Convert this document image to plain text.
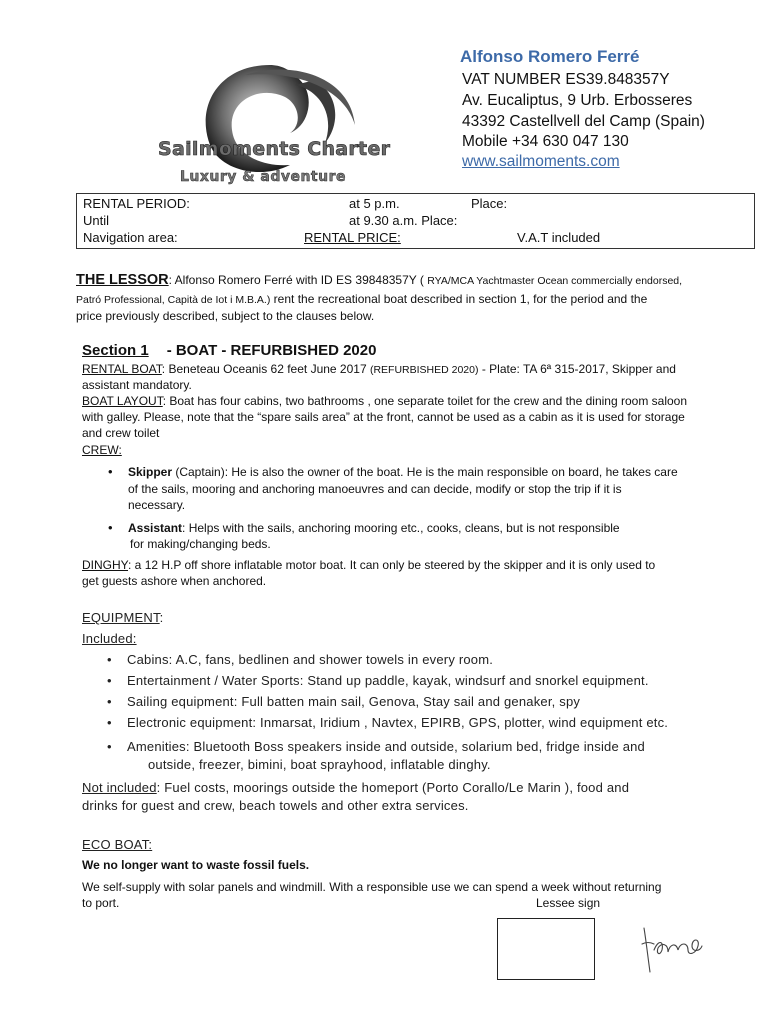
Sailmoments Charter
Luxury & adventure
Alfonso Romero Ferré
VAT NUMBER ES39.848357Y
Av. Eucaliptus, 9 Urb. Erbosseres
43392 Castellvell del Camp (Spain)
Mobile +34 630 047 130
www.sailmoments.com
RENTAL PERIOD:	at 5 p.m.	Place:
Until	at 9.30 a.m. Place:
Navigation area:	RENTAL PRICE:	V.A.T included
THE LESSOR: Alfonso Romero Ferré with ID ES 39848357Y ( RYA/MCA Yachtmaster Ocean commercially endorsed,
Patró Professional, Capità de Iot i M.B.A.) rent the recreational boat described in section 1, for the period and the
price previously described, subject to the clauses below.
Section 1 - BOAT - REFURBISHED 2020
RENTAL BOAT: Beneteau Oceanis 62 feet June 2017 (REFURBISHED 2020) - Plate: TA 6ª 315-2017, Skipper and
assistant mandatory.
BOAT LAYOUT: Boat has four cabins, two bathrooms , one separate toilet for the crew and the dining room saloon
with galley. Please, note that the “spare sails area” at the front, cannot be used as a cabin as it is used for storage
and crew toilet
CREW:
• Skipper (Captain): He is also the owner of the boat. He is the main responsible on board, he takes care
of the sails, mooring and anchoring manoeuvres and can decide, modify or stop the trip if it is
necessary.
• Assistant: Helps with the sails, anchoring mooring etc., cooks, cleans, but is not responsible
for making/changing beds.
DINGHY: a 12 H.P off shore inflatable motor boat. It can only be steered by the skipper and it is only used to
get guests ashore when anchored.
EQUIPMENT:
Included:
• Cabins: A.C, fans, bedlinen and shower towels in every room.
• Entertainment / Water Sports: Stand up paddle, kayak, windsurf and snorkel equipment.
• Sailing equipment: Full batten main sail, Genova, Stay sail and genaker, spy
• Electronic equipment: Inmarsat, Iridium , Navtex, EPIRB, GPS, plotter, wind equipment etc.
• Amenities: Bluetooth Boss speakers inside and outside, solarium bed, fridge inside and
outside, freezer, bimini, boat sprayhood, inflatable dinghy.
Not included: Fuel costs, moorings outside the homeport (Porto Corallo/Le Marin ), food and
drinks for guest and crew, beach towels and other extra services.
ECO BOAT:
We no longer want to waste fossil fuels.
We self-supply with solar panels and windmill. With a responsible use we can spend a week without returning
to port.	Lessee sign
